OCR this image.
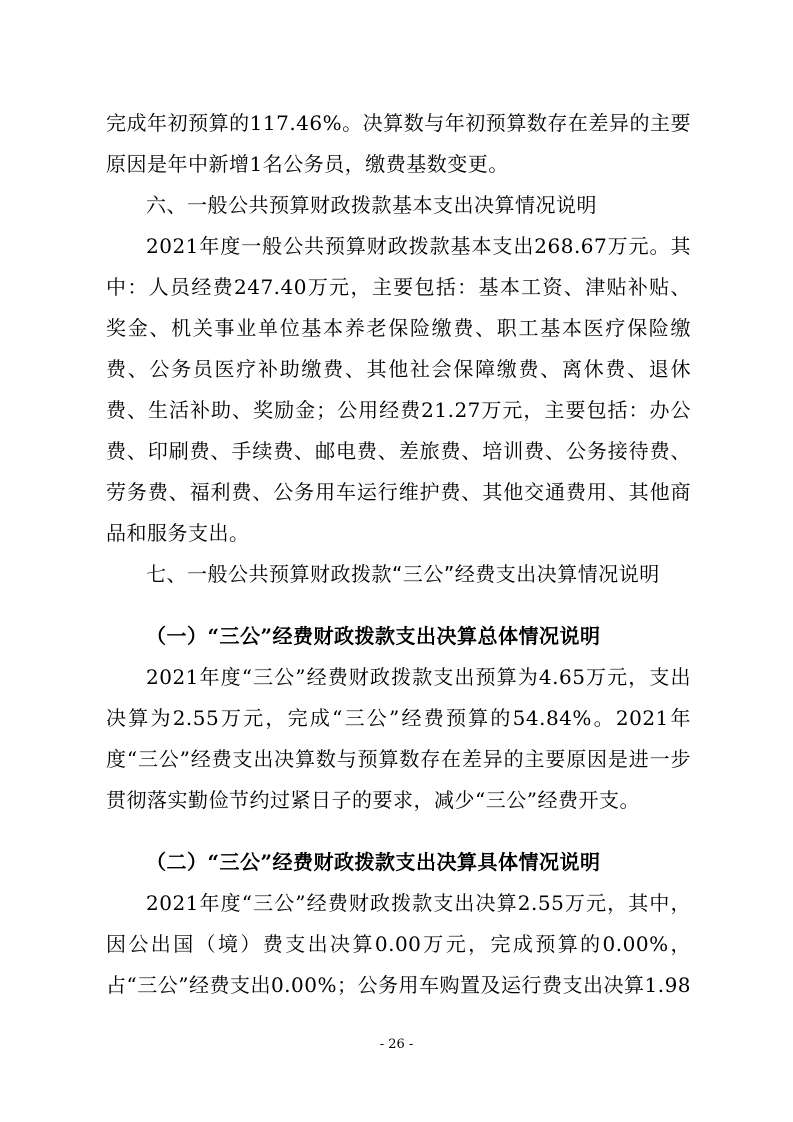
完成年初预算的117.46%。决算数与年初预算数存在差异的主要原因是年中新增1名公务员，缴费基数变更。

六、一般公共预算财政拨款基本支出决算情况说明

2021年度一般公共预算财政拨款基本支出268.67万元。其中：人员经费247.40万元，主要包括：基本工资、津贴补贴、奖金、机关事业单位基本养老保险缴费、职工基本医疗保险缴费、公务员医疗补助缴费、其他社会保障缴费、离休费、退休费、生活补助、奖励金；公用经费21.27万元，主要包括：办公费、印刷费、手续费、邮电费、差旅费、培训费、公务接待费、劳务费、福利费、公务用车运行维护费、其他交通费用、其他商品和服务支出。

七、一般公共预算财政拨款“三公”经费支出决算情况说明

（一）“三公”经费财政拨款支出决算总体情况说明

2021年度“三公”经费财政拨款支出预算为4.65万元，支出决算为2.55万元，完成“三公”经费预算的54.84%。2021年度“三公”经费支出决算数与预算数存在差异的主要原因是进一步贯彻落实勤俭节约过紧日子的要求，减少“三公”经费开支。

（二）“三公”经费财政拨款支出决算具体情况说明

2021年度“三公”经费财政拨款支出决算2.55万元，其中，因公出国（境）费支出决算0.00万元，完成预算的0.00%，占“三公”经费支出0.00%；公务用车购置及运行费支出决算1.98

- 26 -
